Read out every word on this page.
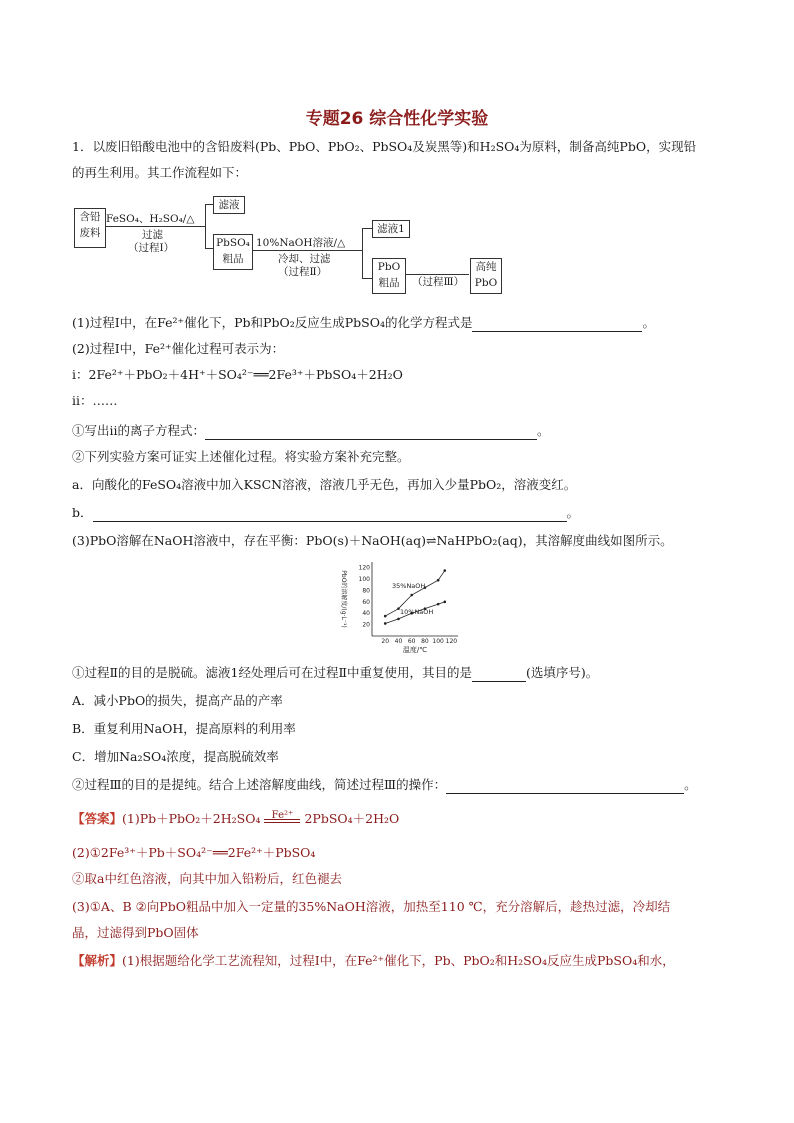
专题26 综合性化学实验
1．以废旧铅酸电池中的含铅废料(Pb、PbO、PbO₂、PbSO₄及炭黑等)和H₂SO₄为原料，制备高纯PbO，实现铅
的再生利用。其工作流程如下：
含铅
废料
FeSO₄、H₂SO₄/△
过滤
（过程Ⅰ）
滤液
PbSO₄
粗品
10%NaOH溶液/△
冷却、过滤
（过程Ⅱ）
滤液1
PbO
粗品	（过程Ⅲ）
高纯
PbO
(1)过程Ⅰ中，在Fe²⁺催化下，Pb和PbO₂反应生成PbSO₄的化学方程式是	。
(2)过程Ⅰ中，Fe²⁺催化过程可表示为：
ⅰ：2Fe²⁺＋PbO₂＋4H⁺＋SO₄²⁻══2Fe³⁺＋PbSO₄＋2H₂O
ⅱ：……
①写出ⅱ的离子方程式：	。
②下列实验方案可证实上述催化过程。将实验方案补充完整。
a．向酸化的FeSO₄溶液中加入KSCN溶液，溶液几乎无色，再加入少量PbO₂，溶液变红。
b．	。
(3)PbO溶解在NaOH溶液中，存在平衡：PbO(s)＋NaOH(aq)⇌NaHPbO₂(aq)，其溶解度曲线如图所示。
20 40 60 80 100 120
20
40
60
80
100
120
温度/℃
PbO的溶解度/(g·L⁻¹)	35%NaOH
10%NaOH
①过程Ⅱ的目的是脱硫。滤液1经处理后可在过程Ⅱ中重复使用，其目的是	(选填序号)。
A．减小PbO的损失，提高产品的产率
B．重复利用NaOH，提高原料的利用率
C．增加Na₂SO₄浓度，提高脱硫效率
②过程Ⅲ的目的是提纯。结合上述溶解度曲线，简述过程Ⅲ的操作：	。
【答案】(1)Pb＋PbO₂＋2H₂SO₄	Fe²⁺ 2PbSO₄＋2H₂O
(2)①2Fe³⁺＋Pb＋SO₄²⁻══2Fe²⁺＋PbSO₄
②取a中红色溶液，向其中加入铅粉后，红色褪去
(3)①A、B ②向PbO粗品中加入一定量的35%NaOH溶液，加热至110 ℃，充分溶解后，趁热过滤，冷却结
晶，过滤得到PbO固体
【解析】(1)根据题给化学工艺流程知，过程Ⅰ中，在Fe²⁺催化下，Pb、PbO₂和H₂SO₄反应生成PbSO₄和水，
